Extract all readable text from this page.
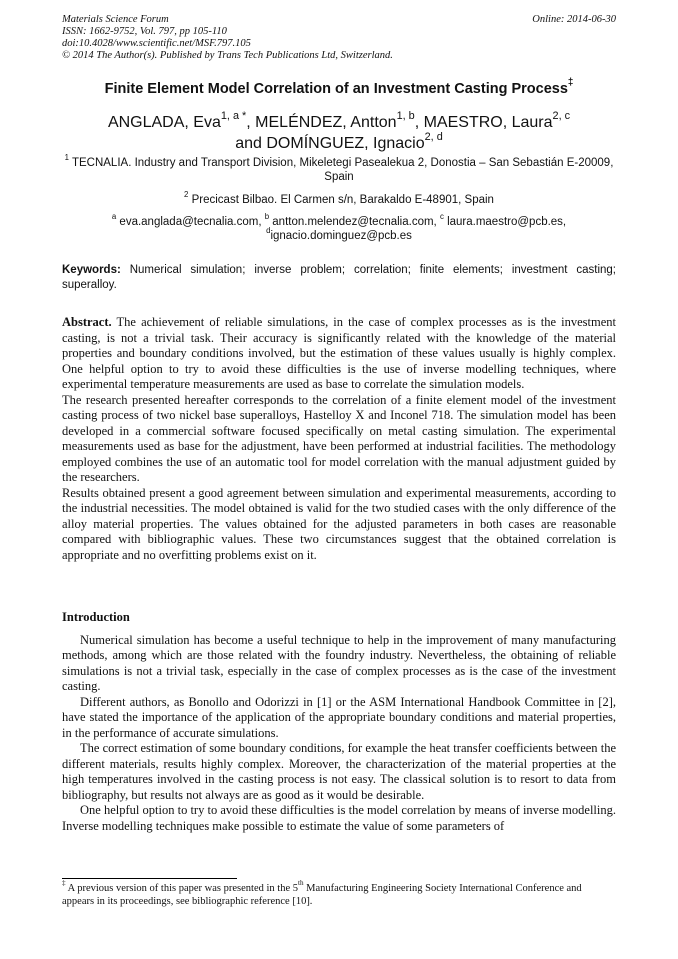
Materials Science Forum	Online: 2014-06-30
ISSN: 1662-9752, Vol. 797, pp 105-110
doi:10.4028/www.scientific.net/MSF.797.105
© 2014 The Author(s). Published by Trans Tech Publications Ltd, Switzerland.
Finite Element Model Correlation of an Investment Casting Process‡
ANGLADA, Eva$^{1, a *}$, MELÉNDEZ, Antton$^{1, b}$, MAESTRO, Laura$^{2, c}$
and DOMÍNGUEZ, Ignacio$^{2, d}$
$^1$ TECNALIA. Industry and Transport Division, Mikeletegi Pasealekua 2, Donostia – San Sebastián E-20009, Spain
$^2$ Precicast Bilbao. El Carmen s/n, Barakaldo E-48901, Spain
$^a$ eva.anglada@tecnalia.com, $^b$ antton.melendez@tecnalia.com, $^c$ laura.maestro@pcb.es,
$^d$ignacio.dominguez@pcb.es
Keywords: Numerical simulation; inverse problem; correlation; finite elements; investment casting; superalloy.

Abstract. The achievement of reliable simulations, in the case of complex processes as is the investment casting, is not a trivial task. Their accuracy is significantly related with the knowledge of the material properties and boundary conditions involved, but the estimation of these values usually is highly complex. One helpful option to try to avoid these difficulties is the use of inverse modelling techniques, where experimental temperature measurements are used as base to correlate the simulation models.

The research presented hereafter corresponds to the correlation of a finite element model of the investment casting process of two nickel base superalloys, Hastelloy X and Inconel 718. The simulation model has been developed in a commercial software focused specifically on metal casting simulation. The experimental measurements used as base for the adjustment, have been performed at industrial facilities. The methodology employed combines the use of an automatic tool for model correlation with the manual adjustment guided by the researchers.

Results obtained present a good agreement between simulation and experimental measurements, according to the industrial necessities. The model obtained is valid for the two studied cases with the only difference of the alloy material properties. The values obtained for the adjusted parameters in both cases are reasonable compared with bibliographic values. These two circumstances suggest that the obtained correlation is appropriate and no overfitting problems exist on it.

Introduction

Numerical simulation has become a useful technique to help in the improvement of many manufacturing methods, among which are those related with the foundry industry. Nevertheless, the obtaining of reliable simulations is not a trivial task, especially in the case of complex processes as is the case of the investment casting.

Different authors, as Bonollo and Odorizzi in [1] or the ASM International Handbook Committee in [2], have stated the importance of the application of the appropriate boundary conditions and material properties, in the performance of accurate simulations.

The correct estimation of some boundary conditions, for example the heat transfer coefficients between the different materials, results highly complex. Moreover, the characterization of the material properties at the high temperatures involved in the casting process is not easy. The classical solution is to resort to data from bibliography, but results not always are as good as it would be desirable.

One helpful option to try to avoid these difficulties is the model correlation by means of inverse modelling. Inverse modelling techniques make possible to estimate the value of some parameters of

‡ A previous version of this paper was presented in the 5th Manufacturing Engineering Society International Conference and appears in its proceedings, see bibliographic reference [10].
